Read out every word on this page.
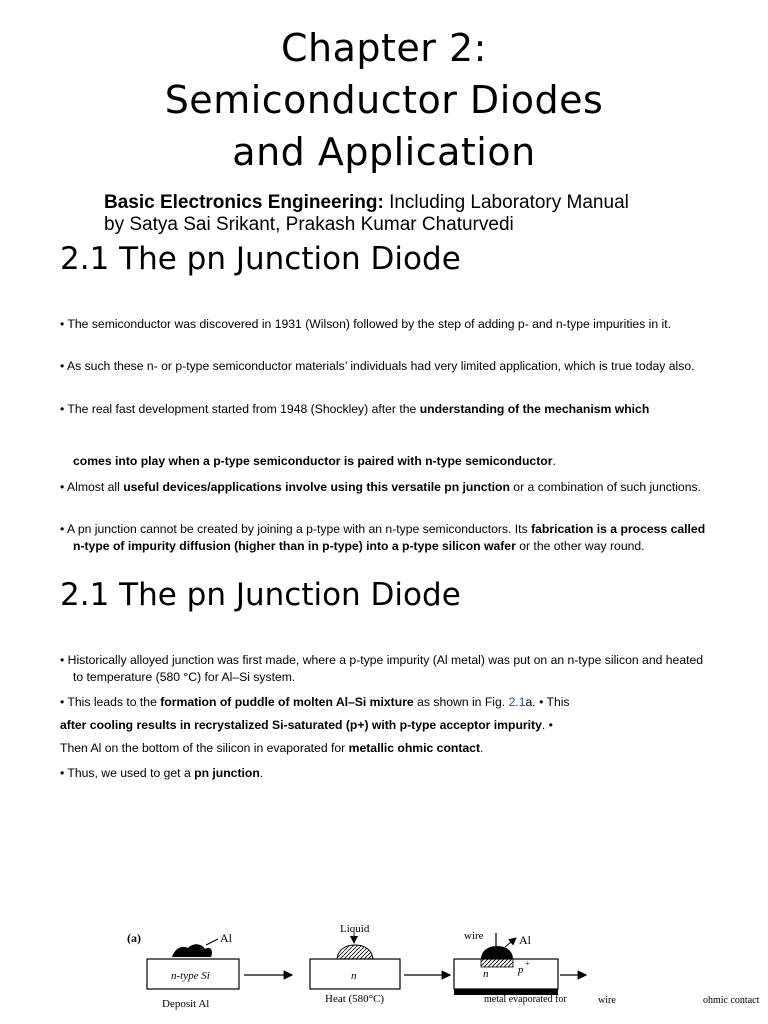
Chapter 2:
Semiconductor Diodes
and Application
Basic Electronics Engineering: Including Laboratory Manual
by Satya Sai Srikant, Prakash Kumar Chaturvedi
2.1 The pn Junction Diode
• The semiconductor was discovered in 1931 (Wilson) followed by the step of adding p- and n-type impurities in it.
• As such these n- or p-type semiconductor materials’ individuals had very limited application, which is true today also.
• The real fast development started from 1948 (Shockley) after the understanding of the mechanism which
comes into play when a p-type semiconductor is paired with n-type semiconductor.
• Almost all useful devices/applications involve using this versatile pn junction or a combination of such junctions.
• A pn junction cannot be created by joining a p-type with an n-type semiconductors. Its fabrication is a process called n-type of impurity diffusion (higher than in p-type) into a p-type silicon wafer or the other way round.
2.1 The pn Junction Diode
• Historically alloyed junction was first made, where a p-type impurity (Al metal) was put on an n-type silicon and heated to temperature (580 °C) for Al–Si system.
• This leads to the formation of puddle of molten Al–Si mixture as shown in Fig. 2.1a. • This
after cooling results in recrystalized Si-saturated (p+) with p-type acceptor impurity. •
Then Al on the bottom of the silicon in evaporated for metallic ohmic contact.
• Thus, we used to get a pn junction.
(a)	Al
n-type Si
Deposit Al
Liquid
n
Heat (580°C)
wire	Al
n	p
+
metal evaporated for	wire	ohmic contact
